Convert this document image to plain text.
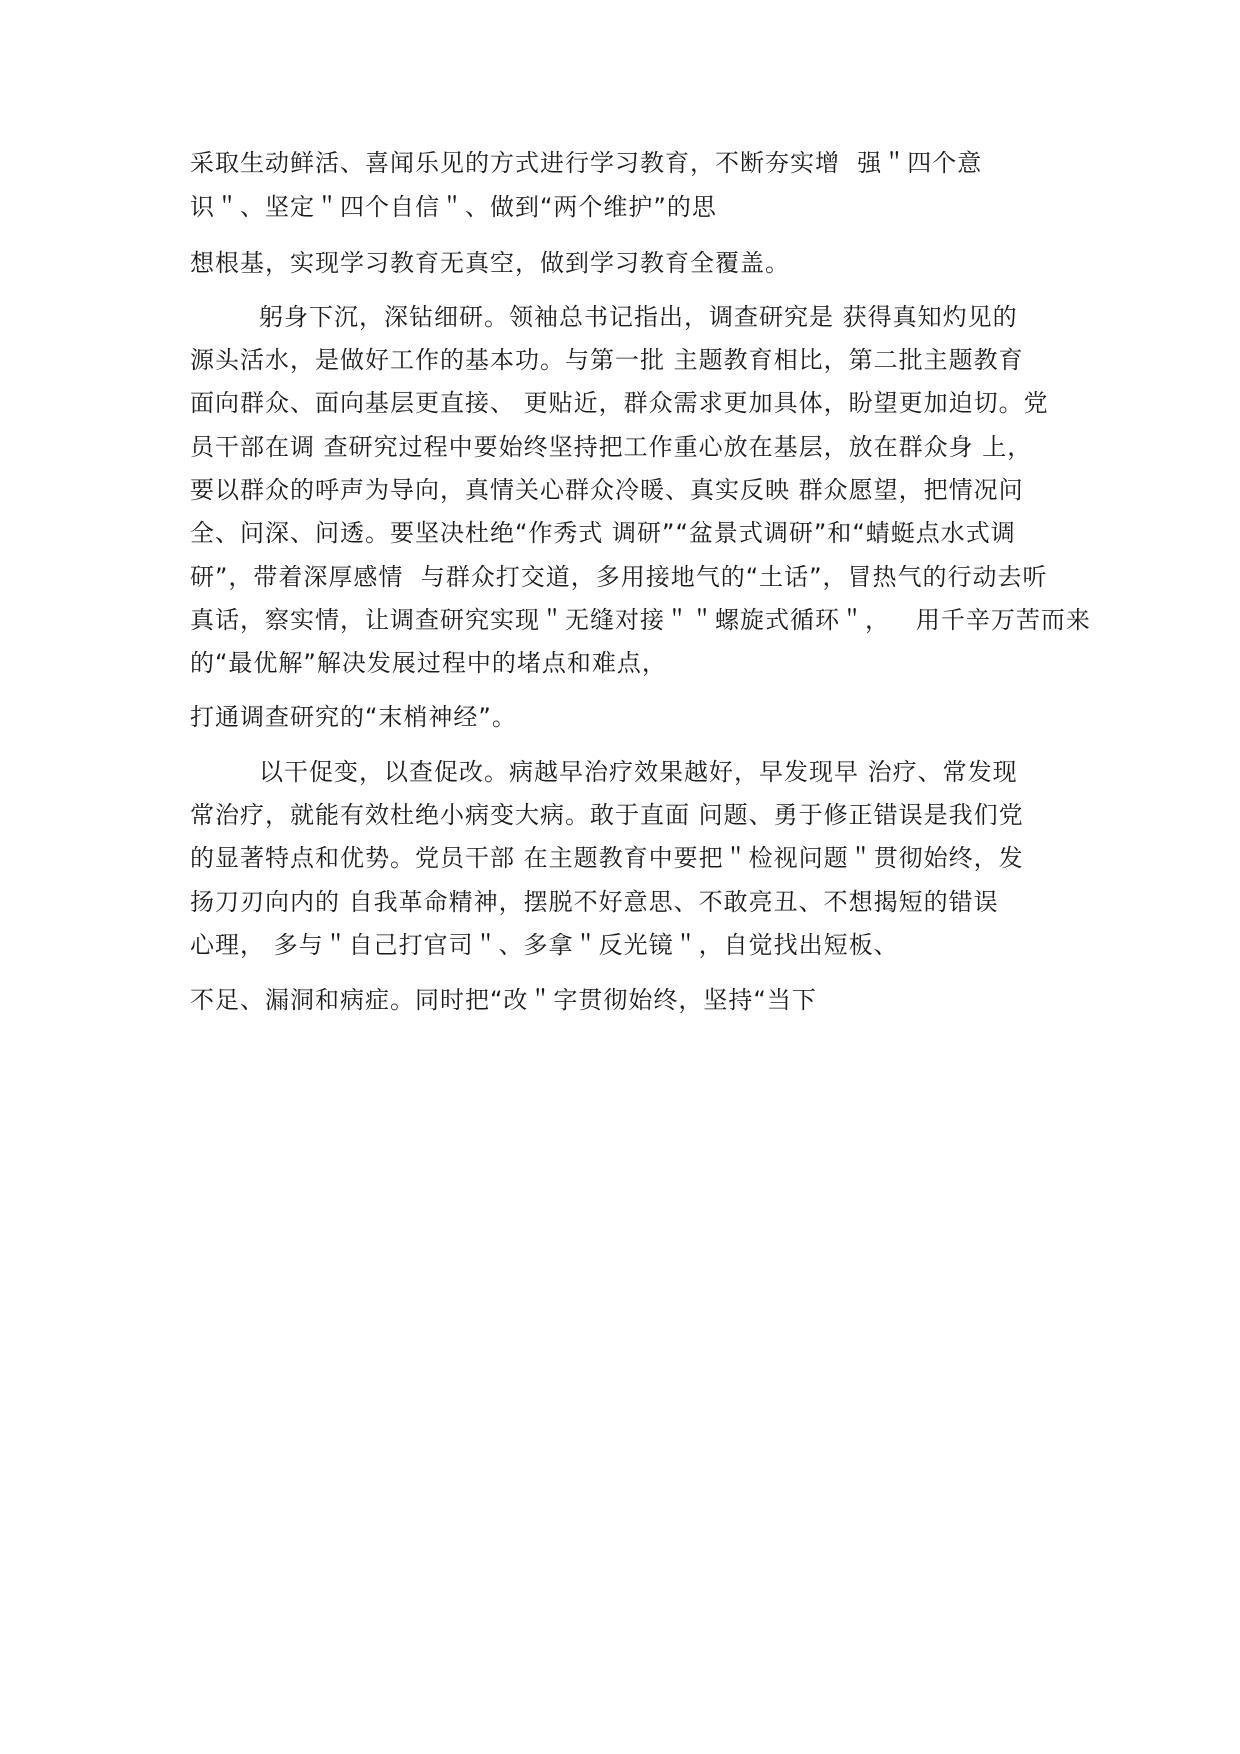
采取生动鲜活、喜闻乐见的方式进行学习教育，不断夯实增  强＂四个意

识＂、坚定＂四个自信＂、做到“两个维护”的思

想根基，实现学习教育无真空，做到学习教育全覆盖。

躬身下沉，深钻细研。领袖总书记指出，调查研究是 获得真知灼见的

源头活水，是做好工作的基本功。与第一批 主题教育相比，第二批主题教育

面向群众、面向基层更直接、 更贴近，群众需求更加具体，盼望更加迫切。党

员干部在调 查研究过程中要始终坚持把工作重心放在基层，放在群众身 上，

要以群众的呼声为导向，真情关心群众冷暖、真实反映 群众愿望，把情况问

全、问深、问透。要坚决杜绝“作秀式 调研”“盆景式调研”和“蜻蜓点水式调

研”，带着深厚感情  与群众打交道，多用接地气的“土话”，冒热气的行动去听

真话，察实情，让调查研究实现＂无缝对接＂＂螺旋式循环＂，   用千辛万苦而来

的“最优解”解决发展过程中的堵点和难点，

打通调查研究的“末梢神经”。

以干促变，以查促改。病越早治疗效果越好，早发现早 治疗、常发现

常治疗，就能有效杜绝小病变大病。敢于直面 问题、勇于修正错误是我们党

的显著特点和优势。党员干部 在主题教育中要把＂检视问题＂贯彻始终，发

扬刀刃向内的 自我革命精神，摆脱不好意思、不敢亮丑、不想揭短的错误

心理， 多与＂自己打官司＂、多拿＂反光镜＂，自觉找出短板、

不足、漏洞和病症。同时把“改＂字贯彻始终，坚持“当下
